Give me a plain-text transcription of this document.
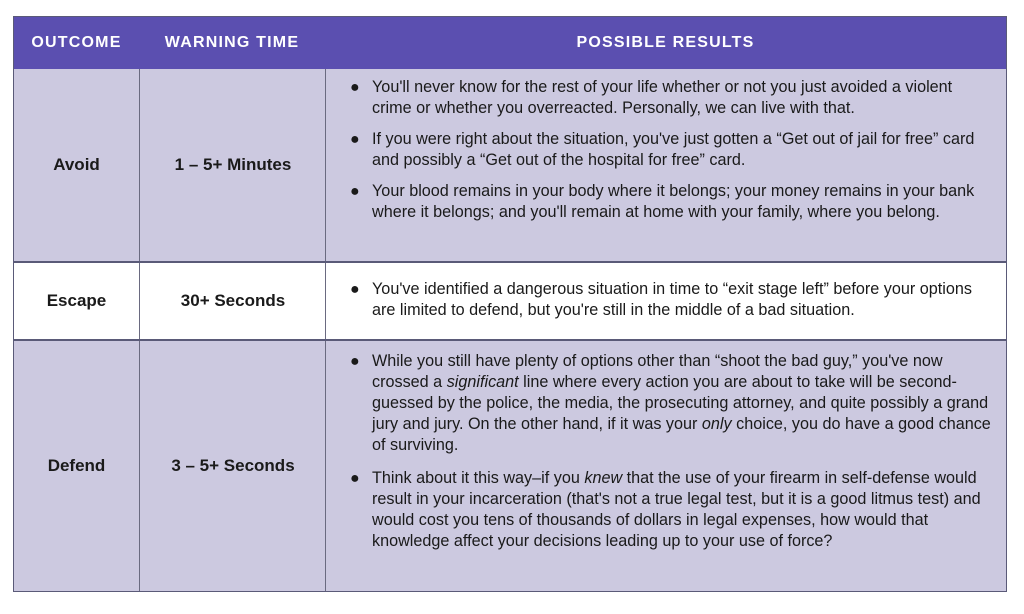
OUTCOME	WARNING TIME	POSSIBLE RESULTS
Avoid	1 – 5+ Minutes
● You'll never know for the rest of your life whether or not you just avoided a violent crime or whether you overreacted. Personally, we can live with that.
● If you were right about the situation, you've just gotten a “Get out of jail for free” card and possibly a “Get out of the hospital for free” card.
● Your blood remains in your body where it belongs; your money remains in your bank where it belongs; and you'll remain at home with your family, where you belong.
Escape	30+ Seconds
● You've identified a dangerous situation in time to “exit stage left” before your options are limited to defend, but you're still in the middle of a bad situation.
Defend	3 – 5+ Seconds
● While you still have plenty of options other than “shoot the bad guy,” you've now crossed a significant line where every action you are about to take will be second-guessed by the police, the media, the prosecuting attorney, and quite possibly a grand jury and jury. On the other hand, if it was your only choice, you do have a good chance of surviving.
● Think about it this way–if you knew that the use of your firearm in self-defense would result in your incarceration (that's not a true legal test, but it is a good litmus test) and would cost you tens of thousands of dollars in legal expenses, how would that knowledge affect your decisions leading up to your use of force?
